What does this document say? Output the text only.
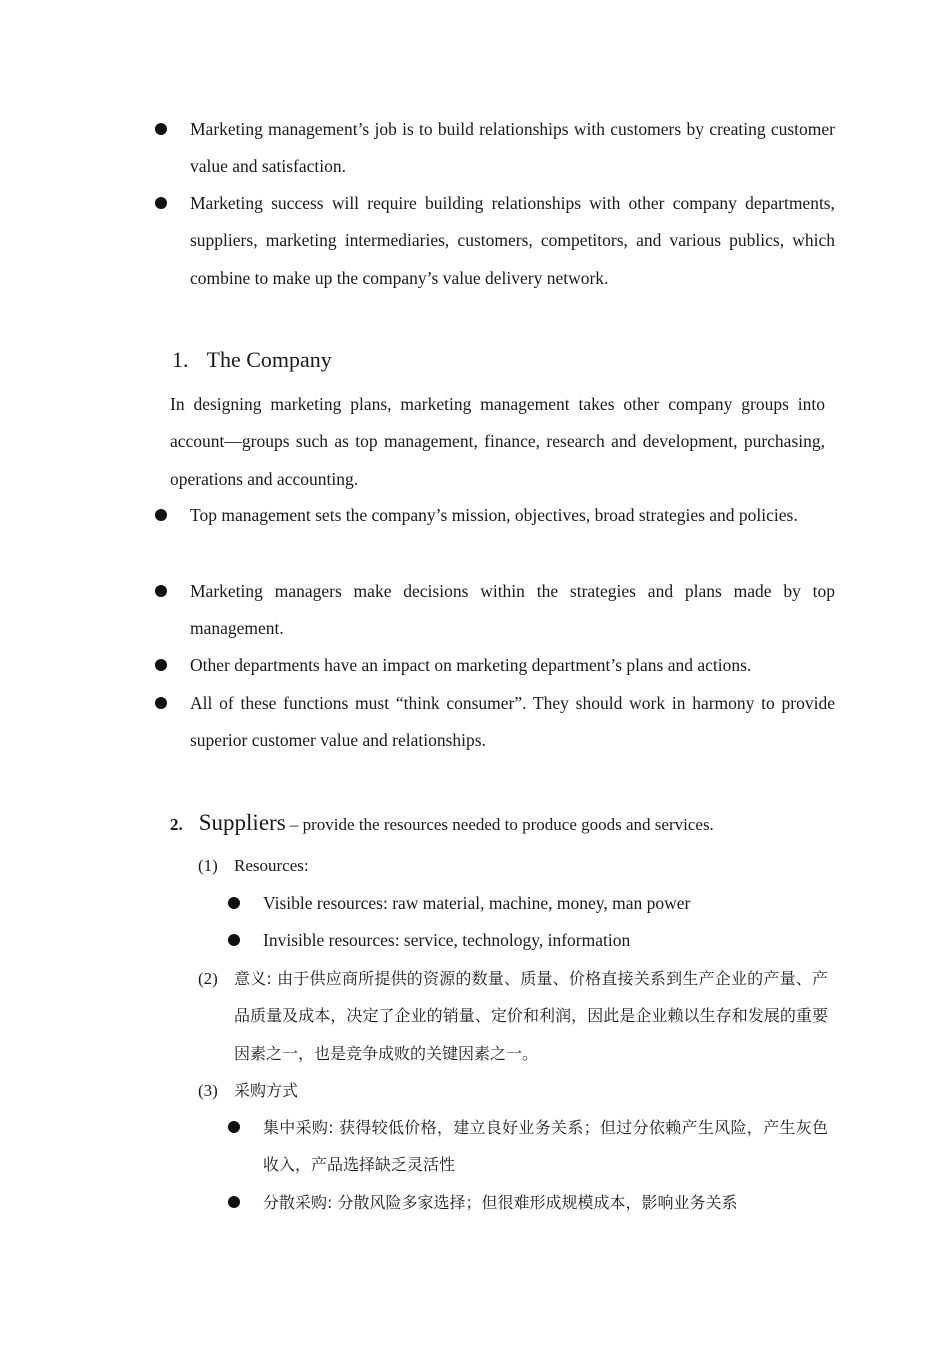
Marketing management’s job is to build relationships with customers by creating customer value and satisfaction.
Marketing success will require building relationships with other company departments, suppliers, marketing intermediaries, customers, competitors, and various publics, which combine to make up the company’s value delivery network.
1. The Company
In designing marketing plans, marketing management takes other company groups into account—groups such as top management, finance, research and development, purchasing, operations and accounting.
Top management sets the company’s mission, objectives, broad strategies and policies.
Marketing managers make decisions within the strategies and plans made by top management.
Other departments have an impact on marketing department’s plans and actions.
All of these functions must “think consumer”. They should work in harmony to provide superior customer value and relationships.
2. Suppliers – provide the resources needed to produce goods and services.
(1) Resources:
Visible resources: raw material, machine, money, man power
Invisible resources: service, technology, information
(2) 意义: 由于供应商所提供的资源的数量、质量、价格直接关系到生产企业的产量、产品质量及成本，决定了企业的销量、定价和利润，因此是企业赖以生存和发展的重要因素之一，也是竞争成败的关键因素之一。
(3) 采购方式
集中采购: 获得较低价格，建立良好业务关系；但过分依赖产生风险，产生灰色收入，产品选择缺乏灵活性
分散采购: 分散风险多家选择；但很难形成规模成本，影响业务关系
